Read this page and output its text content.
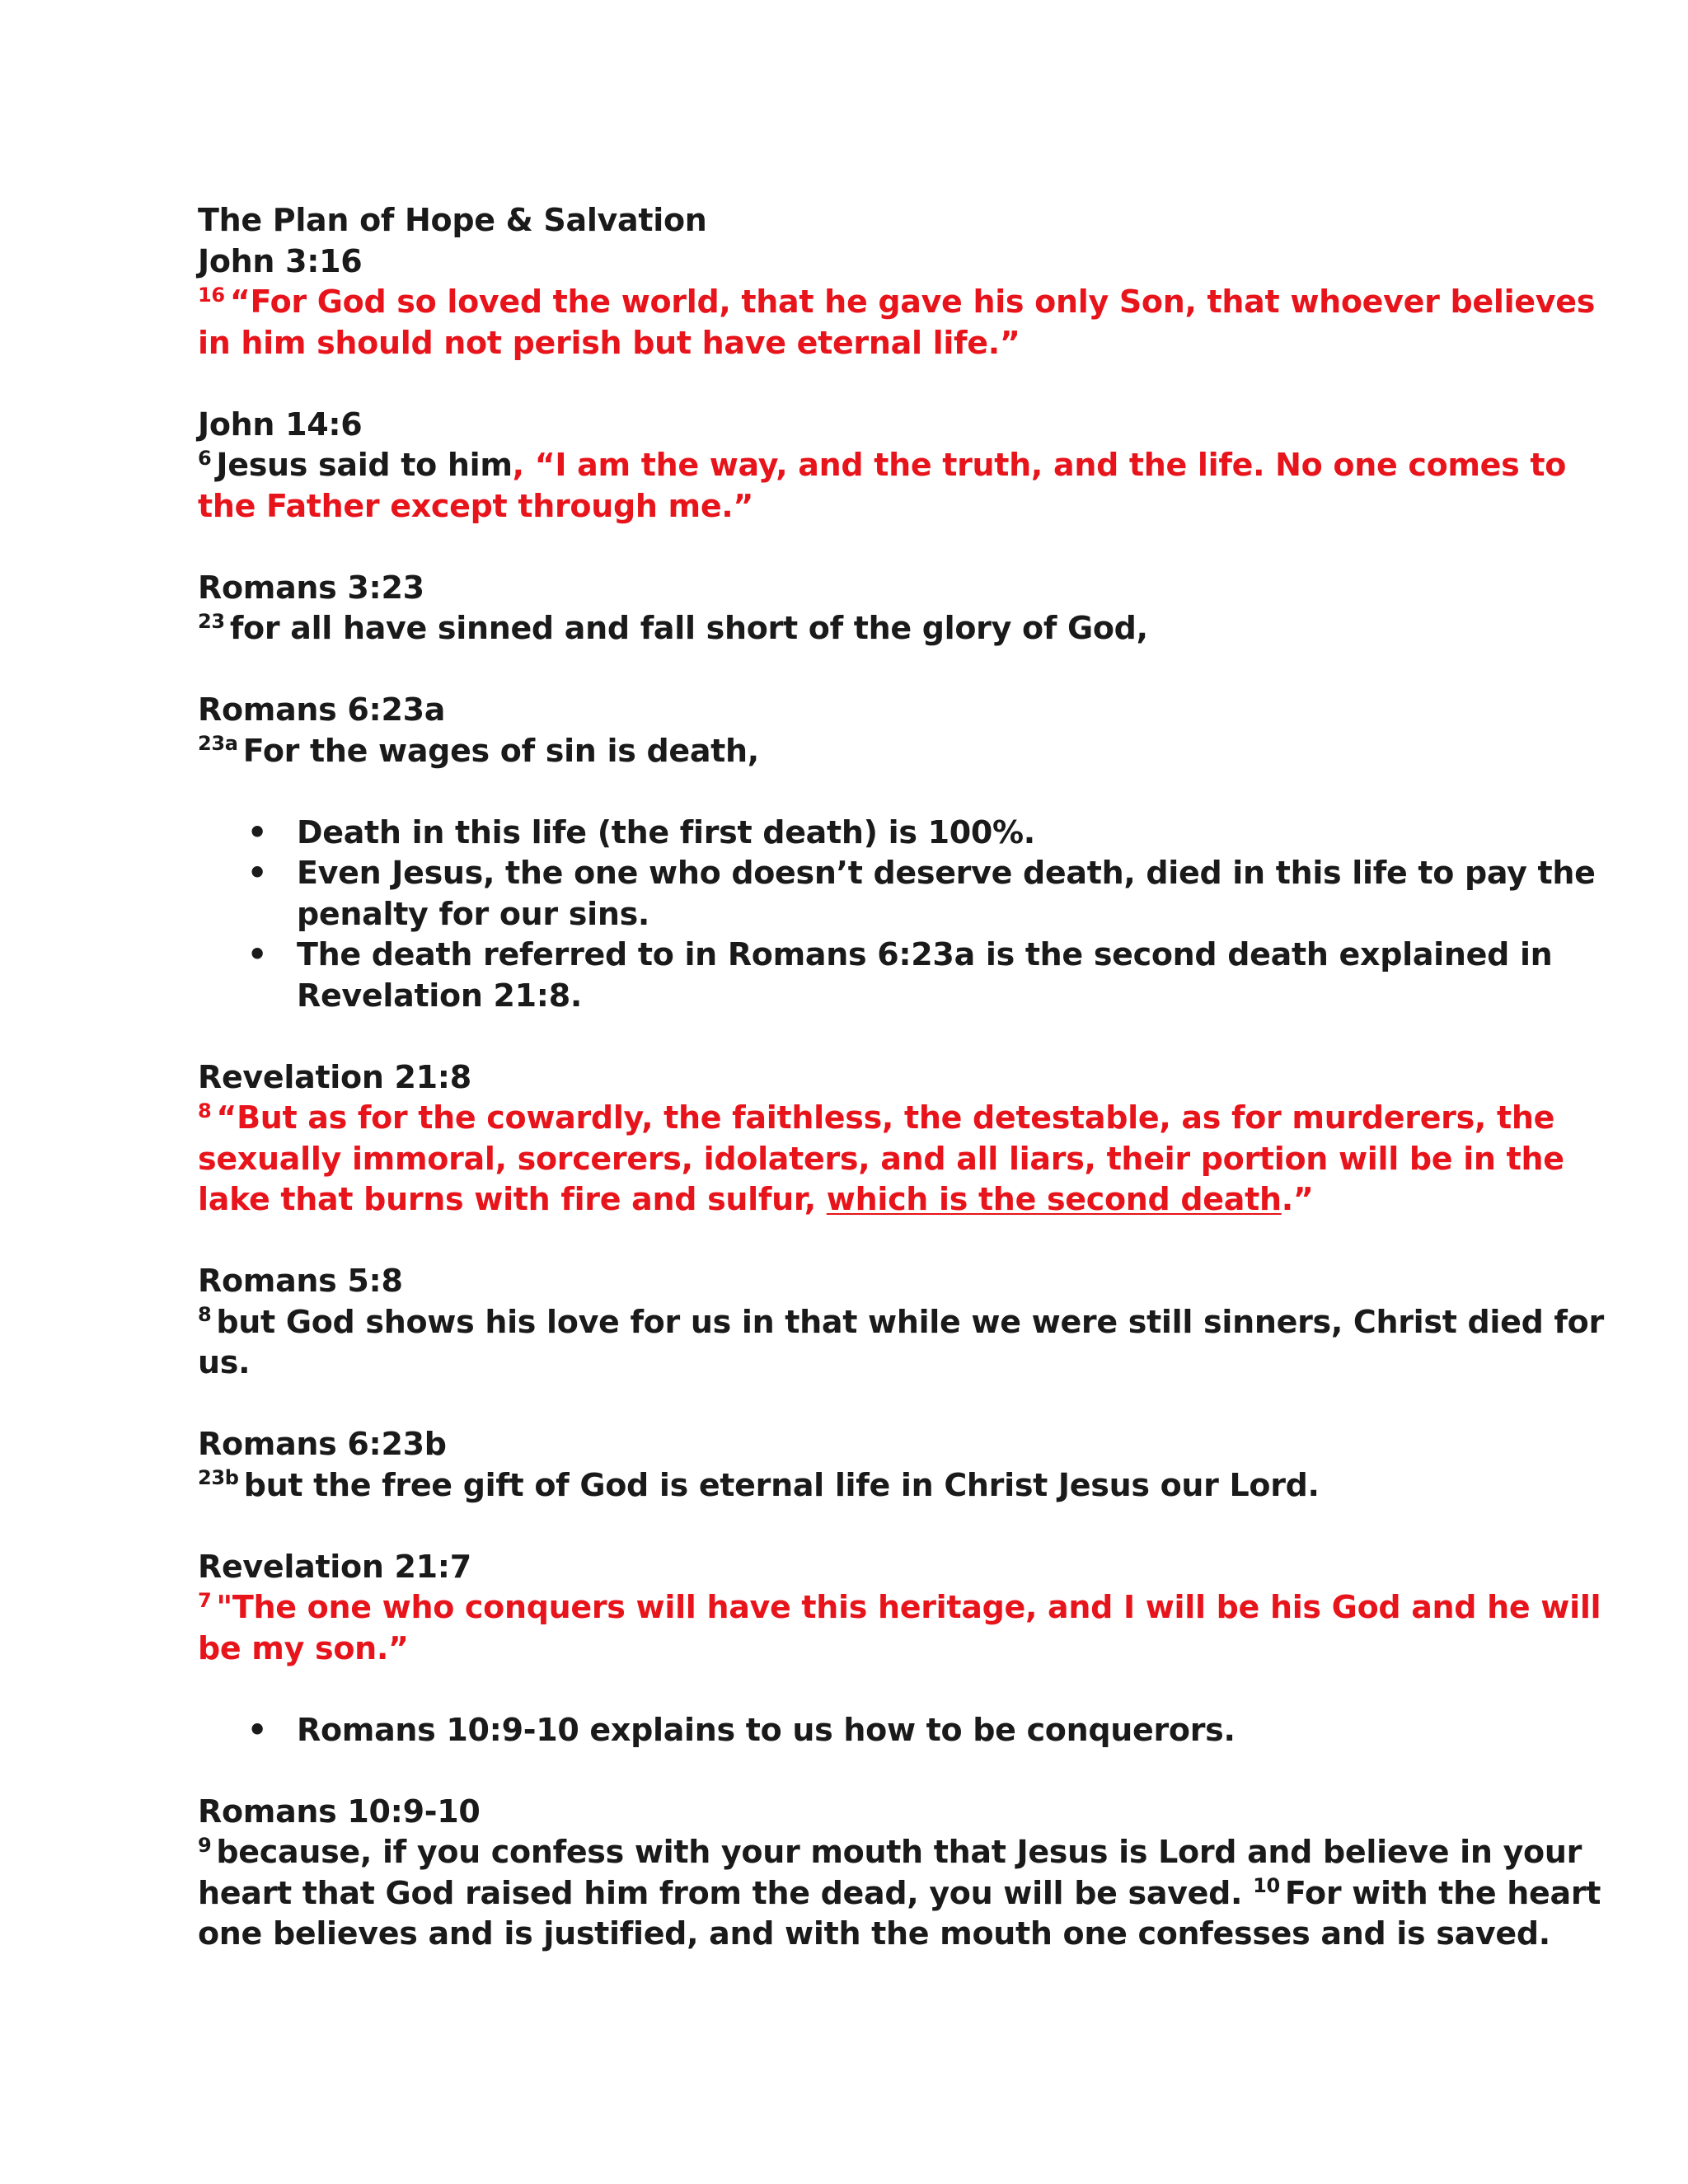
The Plan of Hope & Salvation
John 3:16
$^{16}$ “For God so loved the world, that he gave his only Son, that whoever believes
in him should not perish but have eternal life.”
John 14:6
$^6$ Jesus said to him, “I am the way, and the truth, and the life. No one comes to
the Father except through me.”
Romans 3:23
$^{23}$ for all have sinned and fall short of the glory of God,
Romans 6:23a
$^{23a}$ For the wages of sin is death,
• Death in this life (the first death) is 100%.
• Even Jesus, the one who doesn’t deserve death, died in this life to pay the
penalty for our sins.
• The death referred to in Romans 6:23a is the second death explained in
Revelation 21:8.
Revelation 21:8
$^8$ “But as for the cowardly, the faithless, the detestable, as for murderers, the
sexually immoral, sorcerers, idolaters, and all liars, their portion will be in the
lake that burns with fire and sulfur, which is the second death.”
Romans 5:8
$^8$ but God shows his love for us in that while we were still sinners, Christ died for
us.
Romans 6:23b
$^{23b}$ but the free gift of God is eternal life in Christ Jesus our Lord.
Revelation 21:7
$^7$ "The one who conquers will have this heritage, and I will be his God and he will
be my son.”
• Romans 10:9-10 explains to us how to be conquerors.
Romans 10:9-10
$^9$ because, if you confess with your mouth that Jesus is Lord and believe in your
heart that God raised him from the dead, you will be saved. $^{10}$ For with the heart
one believes and is justified, and with the mouth one confesses and is saved.
